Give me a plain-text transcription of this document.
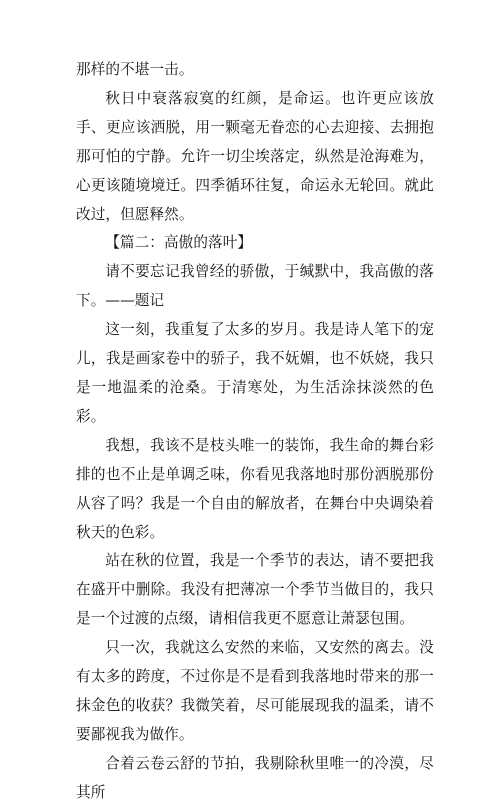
那样的不堪一击。

秋日中衰落寂寞的红颜，是命运。也许更应该放手、更应该洒脱，用一颗毫无眷恋的心去迎接、去拥抱那可怕的宁静。允许一切尘埃落定，纵然是沧海难为，心更该随境境迁。四季循环往复，命运永无轮回。就此改过，但愿释然。

【篇二：高傲的落叶】

请不要忘记我曾经的骄傲，于缄默中，我高傲的落下。——题记

这一刻，我重复了太多的岁月。我是诗人笔下的宠儿，我是画家卷中的骄子，我不妩媚，也不妖娆，我只是一地温柔的沧桑。于清寒处，为生活涂抹淡然的色彩。

我想，我该不是枝头唯一的装饰，我生命的舞台彩排的也不止是单调乏味，你看见我落地时那份洒脱那份从容了吗？我是一个自由的解放者，在舞台中央调染着秋天的色彩。

站在秋的位置，我是一个季节的表达，请不要把我在盛开中删除。我没有把薄凉一个季节当做目的，我只是一个过渡的点缀，请相信我更不愿意让萧瑟包围。

只一次，我就这么安然的来临，又安然的离去。没有太多的跨度，不过你是不是看到我落地时带来的那一抹金色的收获？我微笑着，尽可能展现我的温柔，请不要鄙视我为做作。

合着云卷云舒的节拍，我剔除秋里唯一的冷漠，尽其所
